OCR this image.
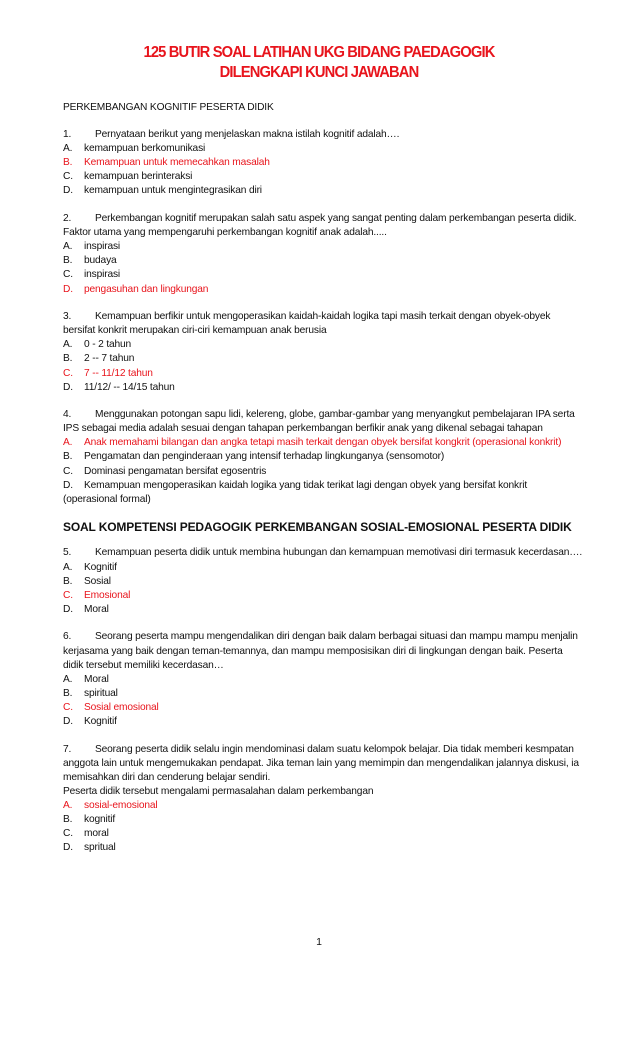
125 BUTIR SOAL LATIHAN UKG BIDANG PAEDAGOGIK
DILENGKAPI KUNCI JAWABAN

PERKEMBANGAN KOGNITIF PESERTA DIDIK

1. Pernyataan berikut yang menjelaskan makna istilah kognitif adalah….

A. kemampuan berkomunikasi

B. Kemampuan untuk memecahkan masalah

C. kemampuan berinteraksi

D. kemampuan untuk mengintegrasikan diri

2. Perkembangan kognitif merupakan salah satu aspek yang sangat penting dalam perkembangan peserta didik. Faktor utama yang mempengaruhi perkembangan kognitif anak adalah.....

A. inspirasi

B. budaya

C. inspirasi

D. pengasuhan dan lingkungan

3. Kemampuan berfikir untuk mengoperasikan kaidah-kaidah logika tapi masih terkait dengan obyek-obyek bersifat konkrit merupakan ciri-ciri kemampuan anak berusia

A. 0 - 2 tahun

B. 2 -- 7 tahun

C. 7 -- 11/12 tahun

D. 11/12/ -- 14/15 tahun

4. Menggunakan potongan sapu lidi, kelereng, globe, gambar-gambar yang menyangkut pembelajaran IPA serta IPS sebagai media adalah sesuai dengan tahapan perkembangan berfikir anak yang dikenal sebagai tahapan

A. Anak memahami bilangan dan angka tetapi masih terkait dengan obyek bersifat kongkrit (operasional konkrit)

B. Pengamatan dan penginderaan yang intensif terhadap lingkunganya (sensomotor)

C. Dominasi pengamatan bersifat egosentris

D. Kemampuan mengoperasikan kaidah logika yang tidak terikat lagi dengan obyek yang bersifat konkrit (operasional formal)

SOAL KOMPETENSI PEDAGOGIK PERKEMBANGAN SOSIAL-EMOSIONAL PESERTA DIDIK

5. Kemampuan peserta didik untuk membina hubungan dan kemampuan memotivasi diri termasuk kecerdasan….

A. Kognitif

B. Sosial

C. Emosional

D. Moral

6. Seorang peserta mampu mengendalikan diri dengan baik dalam berbagai situasi dan mampu mampu menjalin kerjasama yang baik dengan teman-temannya, dan mampu memposisikan diri di lingkungan dengan baik. Peserta didik tersebut memiliki kecerdasan…

A. Moral

B. spiritual

C. Sosial emosional

D. Kognitif

7. Seorang peserta didik selalu ingin mendominasi dalam suatu kelompok belajar. Dia tidak memberi kesmpatan anggota lain untuk mengemukakan pendapat. Jika teman lain yang memimpin dan mengendalikan jalannya diskusi, ia memisahkan diri dan cenderung belajar sendiri.

Peserta didik tersebut mengalami permasalahan dalam perkembangan

A. sosial-emosional

B. kognitif

C. moral

D. spritual

1
